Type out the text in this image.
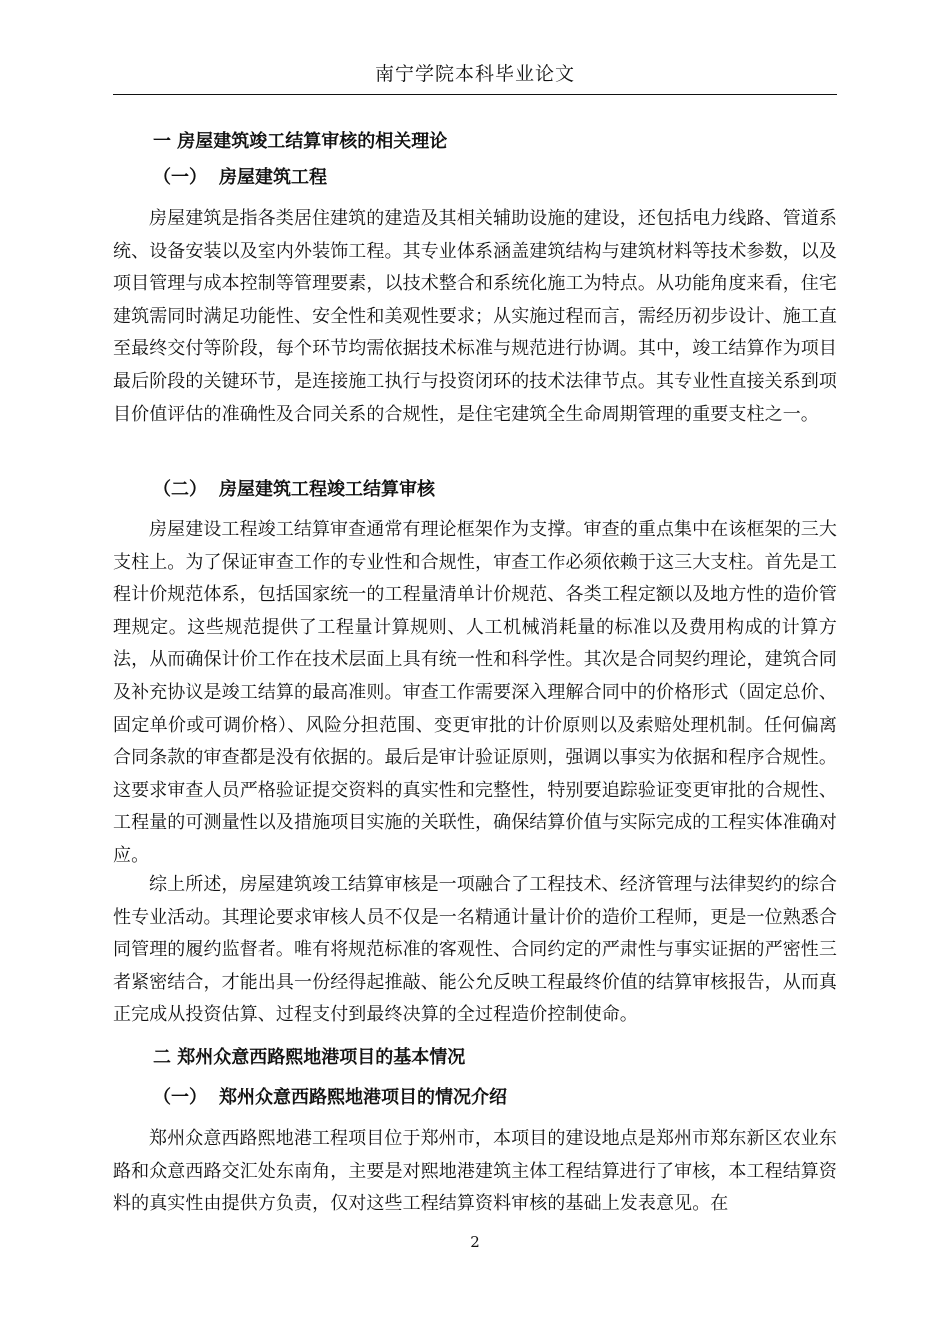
南宁学院本科毕业论文
一 房屋建筑竣工结算审核的相关理论
（一） 房屋建筑工程
房屋建筑是指各类居住建筑的建造及其相关辅助设施的建设，还包括电力线路、管道系统、设备安装以及室内外装饰工程。其专业体系涵盖建筑结构与建筑材料等技术参数，以及项目管理与成本控制等管理要素，以技术整合和系统化施工为特点。从功能角度来看，住宅建筑需同时满足功能性、安全性和美观性要求；从实施过程而言，需经历初步设计、施工直至最终交付等阶段，每个环节均需依据技术标准与规范进行协调。其中，竣工结算作为项目最后阶段的关键环节，是连接施工执行与投资闭环的技术法律节点。其专业性直接关系到项目价值评估的准确性及合同关系的合规性，是住宅建筑全生命周期管理的重要支柱之一。
（二） 房屋建筑工程竣工结算审核
房屋建设工程竣工结算审查通常有理论框架作为支撑。审查的重点集中在该框架的三大支柱上。为了保证审查工作的专业性和合规性，审查工作必须依赖于这三大支柱。首先是工程计价规范体系，包括国家统一的工程量清单计价规范、各类工程定额以及地方性的造价管理规定。这些规范提供了工程量计算规则、人工机械消耗量的标准以及费用构成的计算方法，从而确保计价工作在技术层面上具有统一性和科学性。其次是合同契约理论，建筑合同及补充协议是竣工结算的最高准则。审查工作需要深入理解合同中的价格形式（固定总价、固定单价或可调价格）、风险分担范围、变更审批的计价原则以及索赔处理机制。任何偏离合同条款的审查都是没有依据的。最后是审计验证原则，强调以事实为依据和程序合规性。这要求审查人员严格验证提交资料的真实性和完整性，特别要追踪验证变更审批的合规性、工程量的可测量性以及措施项目实施的关联性，确保结算价值与实际完成的工程实体准确对应。
综上所述，房屋建筑竣工结算审核是一项融合了工程技术、经济管理与法律契约的综合性专业活动。其理论要求审核人员不仅是一名精通计量计价的造价工程师，更是一位熟悉合同管理的履约监督者。唯有将规范标准的客观性、合同约定的严肃性与事实证据的严密性三者紧密结合，才能出具一份经得起推敲、能公允反映工程最终价值的结算审核报告，从而真正完成从投资估算、过程支付到最终决算的全过程造价控制使命。
二 郑州众意西路熙地港项目的基本情况
（一） 郑州众意西路熙地港项目的情况介绍
郑州众意西路熙地港工程项目位于郑州市，本项目的建设地点是郑州市郑东新区农业东路和众意西路交汇处东南角，主要是对熙地港建筑主体工程结算进行了审核，本工程结算资料的真实性由提供方负责，仅对这些工程结算资料审核的基础上发表意见。在
2
